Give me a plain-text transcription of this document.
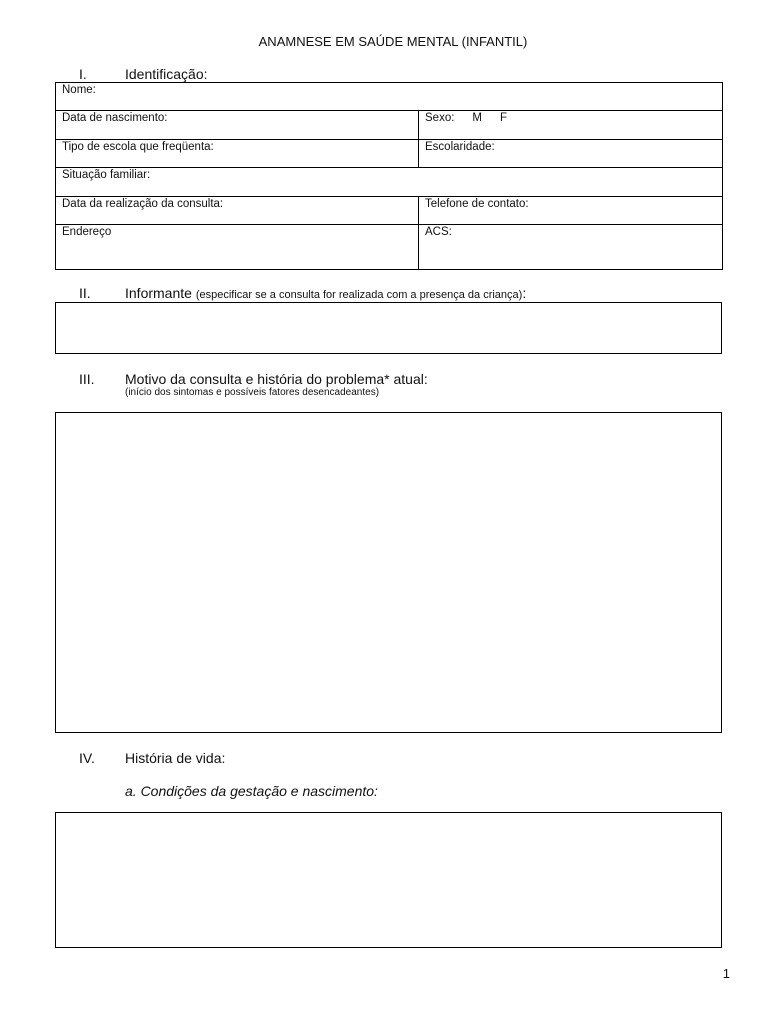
ANAMNESE EM SAÚDE MENTAL (INFANTIL)
I.	Identificação:
Nome:	
Data de nascimento:	Sexo: M F
Tipo de escola que freqüenta:	Escolaridade:
Situação familiar:	
Data da realização da consulta:	Telefone de contato:
Endereço	ACS:
II. Informante (especificar se a consulta for realizada com a presença da criança):
III. Motivo da consulta e história do problema* atual:
(início dos sintomas e possíveis fatores desencadeantes)
IV. História de vida:
a. Condições da gestação e nascimento:
1
